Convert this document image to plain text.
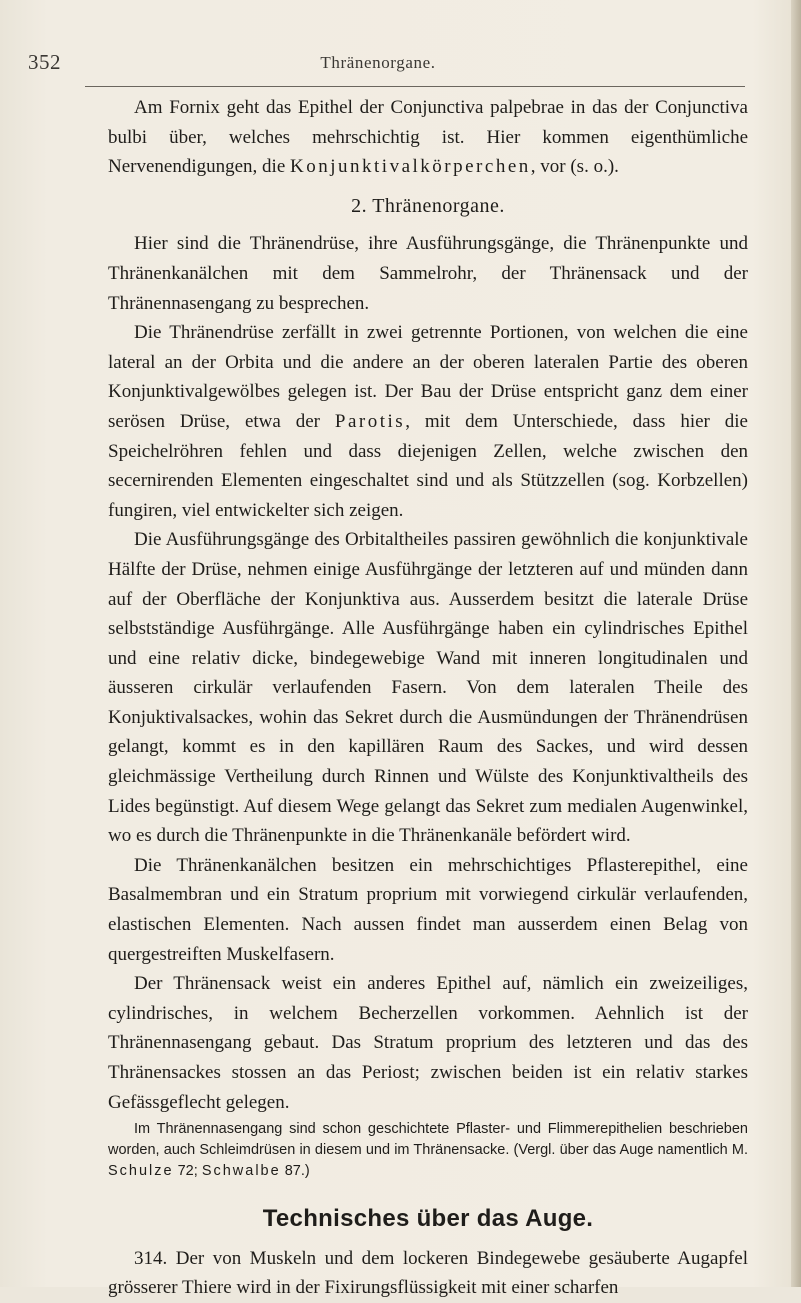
352	Thränenorgane.

Am Fornix geht das Epithel der Conjunctiva palpebrae in das der Conjunctiva bulbi über, welches mehrschichtig ist. Hier kommen eigenthümliche Nervenendigungen, die Konjunktivalkörperchen, vor (s. o.).

2. Thränenorgane.

Hier sind die Thränendrüse, ihre Ausführungsgänge, die Thränenpunkte und Thränenkanälchen mit dem Sammelrohr, der Thränensack und der Thränennasengang zu besprechen.

Die Thränendrüse zerfällt in zwei getrennte Portionen, von welchen die eine lateral an der Orbita und die andere an der oberen lateralen Partie des oberen Konjunktivalgewölbes gelegen ist. Der Bau der Drüse entspricht ganz dem einer serösen Drüse, etwa der Parotis, mit dem Unterschiede, dass hier die Speichelröhren fehlen und dass diejenigen Zellen, welche zwischen den secernirenden Elementen eingeschaltet sind und als Stützzellen (sog. Korbzellen) fungiren, viel entwickelter sich zeigen.

Die Ausführungsgänge des Orbitaltheiles passiren gewöhnlich die konjunktivale Hälfte der Drüse, nehmen einige Ausführgänge der letzteren auf und münden dann auf der Oberfläche der Konjunktiva aus. Ausserdem besitzt die laterale Drüse selbstständige Ausführgänge. Alle Ausführgänge haben ein cylindrisches Epithel und eine relativ dicke, bindegewebige Wand mit inneren longitudinalen und äusseren cirkulär verlaufenden Fasern. Von dem lateralen Theile des Konjuktivalsackes, wohin das Sekret durch die Ausmündungen der Thränendrüsen gelangt, kommt es in den kapillären Raum des Sackes, und wird dessen gleichmässige Vertheilung durch Rinnen und Wülste des Konjunktivaltheils des Lides begünstigt. Auf diesem Wege gelangt das Sekret zum medialen Augenwinkel, wo es durch die Thränenpunkte in die Thränenkanäle befördert wird.

Die Thränenkanälchen besitzen ein mehrschichtiges Pflasterepithel, eine Basalmembran und ein Stratum proprium mit vorwiegend cirkulär verlaufenden, elastischen Elementen. Nach aussen findet man ausserdem einen Belag von quergestreiften Muskelfasern.

Der Thränensack weist ein anderes Epithel auf, nämlich ein zweizeiliges, cylindrisches, in welchem Becherzellen vorkommen. Aehnlich ist der Thränennasengang gebaut. Das Stratum proprium des letzteren und das des Thränensackes stossen an das Periost; zwischen beiden ist ein relativ starkes Gefässgeflecht gelegen.

Im Thränennasengang sind schon geschichtete Pflaster- und Flimmerepithelien beschrieben worden, auch Schleimdrüsen in diesem und im Thränensacke. (Vergl. über das Auge namentlich M. Schulze 72; Schwalbe 87.)
Technisches über das Auge.

314. Der von Muskeln und dem lockeren Bindegewebe gesäuberte Augapfel grösserer Thiere wird in der Fixirungsflüssigkeit mit einer scharfen
